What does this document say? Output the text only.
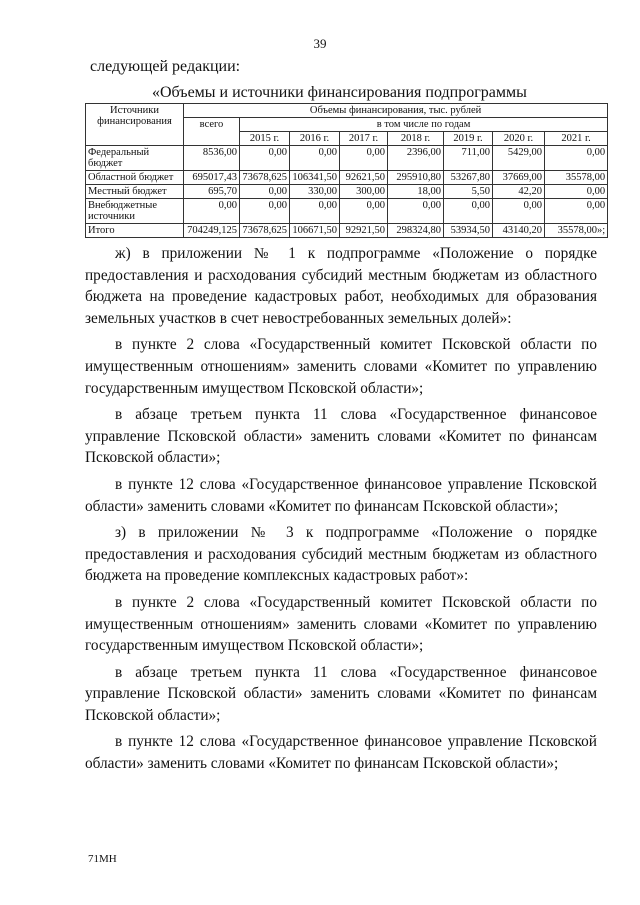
39
следующей редакции:
«Объемы и источники финансирования подпрограммы
Источники финансирования	Объемы финансирования, тыс. рублей							
	всего	в том числе по годам						
		2015 г.	2016 г.	2017 г.	2018 г.	2019 г.	2020 г.	2021 г.
Федеральный бюджет	8536,00	0,00	0,00	0,00	2396,00	711,00	5429,00	0,00
Областной бюджет	695017,43	73678,625	106341,50	92621,50	295910,80	53267,80	37669,00	35578,00
Местный бюджет	695,70	0,00	330,00	300,00	18,00	5,50	42,20	0,00
Внебюджетные источники	0,00	0,00	0,00	0,00	0,00	0,00	0,00	0,00
Итого	704249,125	73678,625	106671,50	92921,50	298324,80	53934,50	43140,20	35578,00»;

ж) в приложении № 1 к подпрограмме «Положение о порядке предоставления и расходования субсидий местным бюджетам из областного бюджета на проведение кадастровых работ, необходимых для образования земельных участков в счет невостребованных земельных долей»:

в пункте 2 слова «Государственный комитет Псковской области по имущественным отношениям» заменить словами «Комитет по управлению государственным имуществом Псковской области»;

в абзаце третьем пункта 11 слова «Государственное финансовое управление Псковской области» заменить словами «Комитет по финансам Псковской области»;

в пункте 12 слова «Государственное финансовое управление Псковской области» заменить словами «Комитет по финансам Псковской области»;

з) в приложении № 3 к подпрограмме «Положение о порядке предоставления и расходования субсидий местным бюджетам из областного бюджета на проведение комплексных кадастровых работ»:

в пункте 2 слова «Государственный комитет Псковской области по имущественным отношениям» заменить словами «Комитет по управлению государственным имуществом Псковской области»;

в абзаце третьем пункта 11 слова «Государственное финансовое управление Псковской области» заменить словами «Комитет по финансам Псковской области»;

в пункте 12 слова «Государственное финансовое управление Псковской области» заменить словами «Комитет по финансам Псковской области»;

71МН
